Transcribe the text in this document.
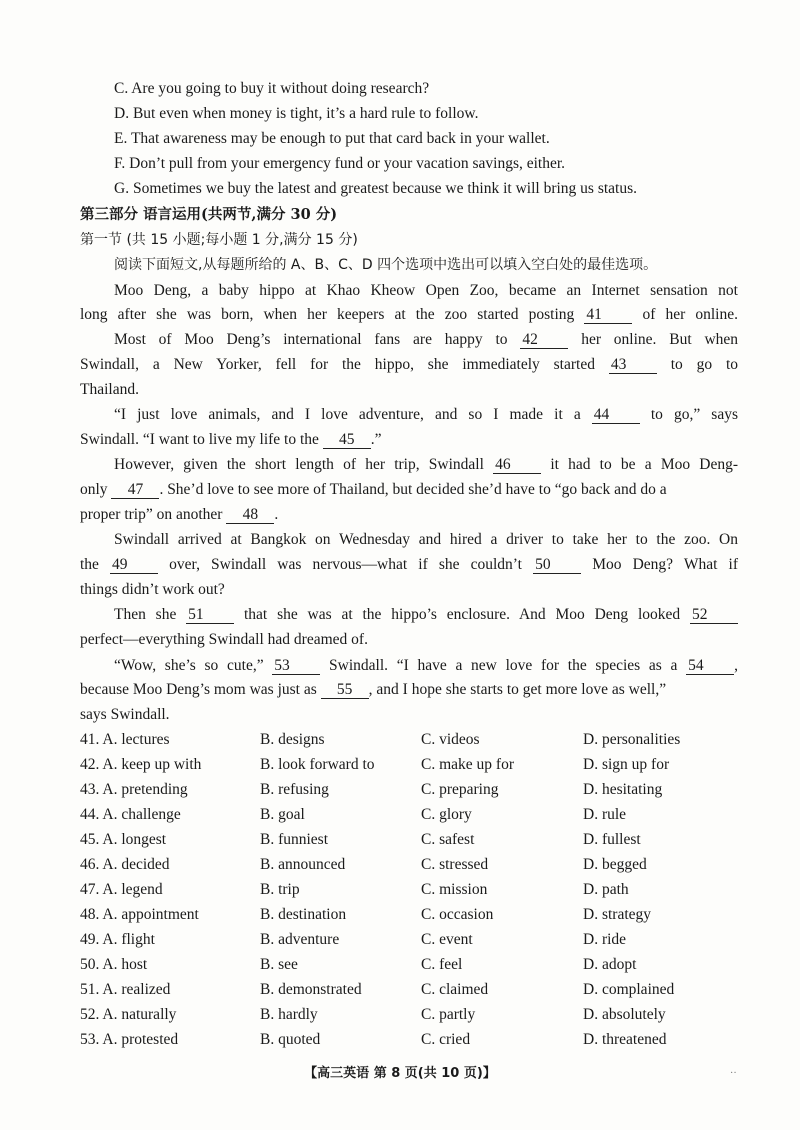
C. Are you going to buy it without doing research?
D. But even when money is tight, it’s a hard rule to follow.
E. That awareness may be enough to put that card back in your wallet.
F. Don’t pull from your emergency fund or your vacation savings, either.
G. Sometimes we buy the latest and greatest because we think it will bring us status.
第三部分 语言运用(共两节,满分 30 分)
第一节 (共 15 小题;每小题 1 分,满分 15 分)
阅读下面短文,从每题所给的 A、B、C、D 四个选项中选出可以填入空白处的最佳选项。
Moo Deng, a baby hippo at Khao Kheow Open Zoo, became an Internet sensation not
long after she was born, when her keepers at the zoo started posting 41	of her online.
Most of Moo Deng’s international fans are happy to 42	her online. But when
Swindall, a New Yorker, fell for the hippo, she immediately started 43	to go to
Thailand.
“I just love animals, and I love adventure, and so I made it a 44	to go,” says
Swindall. “I want to live my life to the 45 .”
However, given the short length of her trip, Swindall 46	it had to be a Moo Deng-
only 47 . She’d love to see more of Thailand, but decided she’d have to “go back and do a
proper trip” on another 48 .
Swindall arrived at Bangkok on Wednesday and hired a driver to take her to the zoo. On
the 49	over, Swindall was nervous—what if she couldn’t 50	Moo Deng? What if
things didn’t work out?
Then she 51	that she was at the hippo’s enclosure. And Moo Deng looked 52
perfect—everything Swindall had dreamed of.
“Wow, she’s so cute,” 53	Swindall. “I have a new love for the species as a 54 ,
because Moo Deng’s mom was just as 55 , and I hope she starts to get more love as well,”
says Swindall.
41. A. lectures	B. designs	C. videos	D. personalities
42. A. keep up with	B. look forward to	C. make up for	D. sign up for
43. A. pretending	B. refusing	C. preparing	D. hesitating
44. A. challenge	B. goal	C. glory	D. rule
45. A. longest	B. funniest	C. safest	D. fullest
46. A. decided	B. announced	C. stressed	D. begged
47. A. legend	B. trip	C. mission	D. path
48. A. appointment	B. destination	C. occasion	D. strategy
49. A. flight	B. adventure	C. event	D. ride
50. A. host	B. see	C. feel	D. adopt
51. A. realized	B. demonstrated	C. claimed	D. complained
52. A. naturally	B. hardly	C. partly	D. absolutely
53. A. protested	B. quoted	C. cried	D. threatened
【高三英语 第 8 页(共 10 页)】	··
